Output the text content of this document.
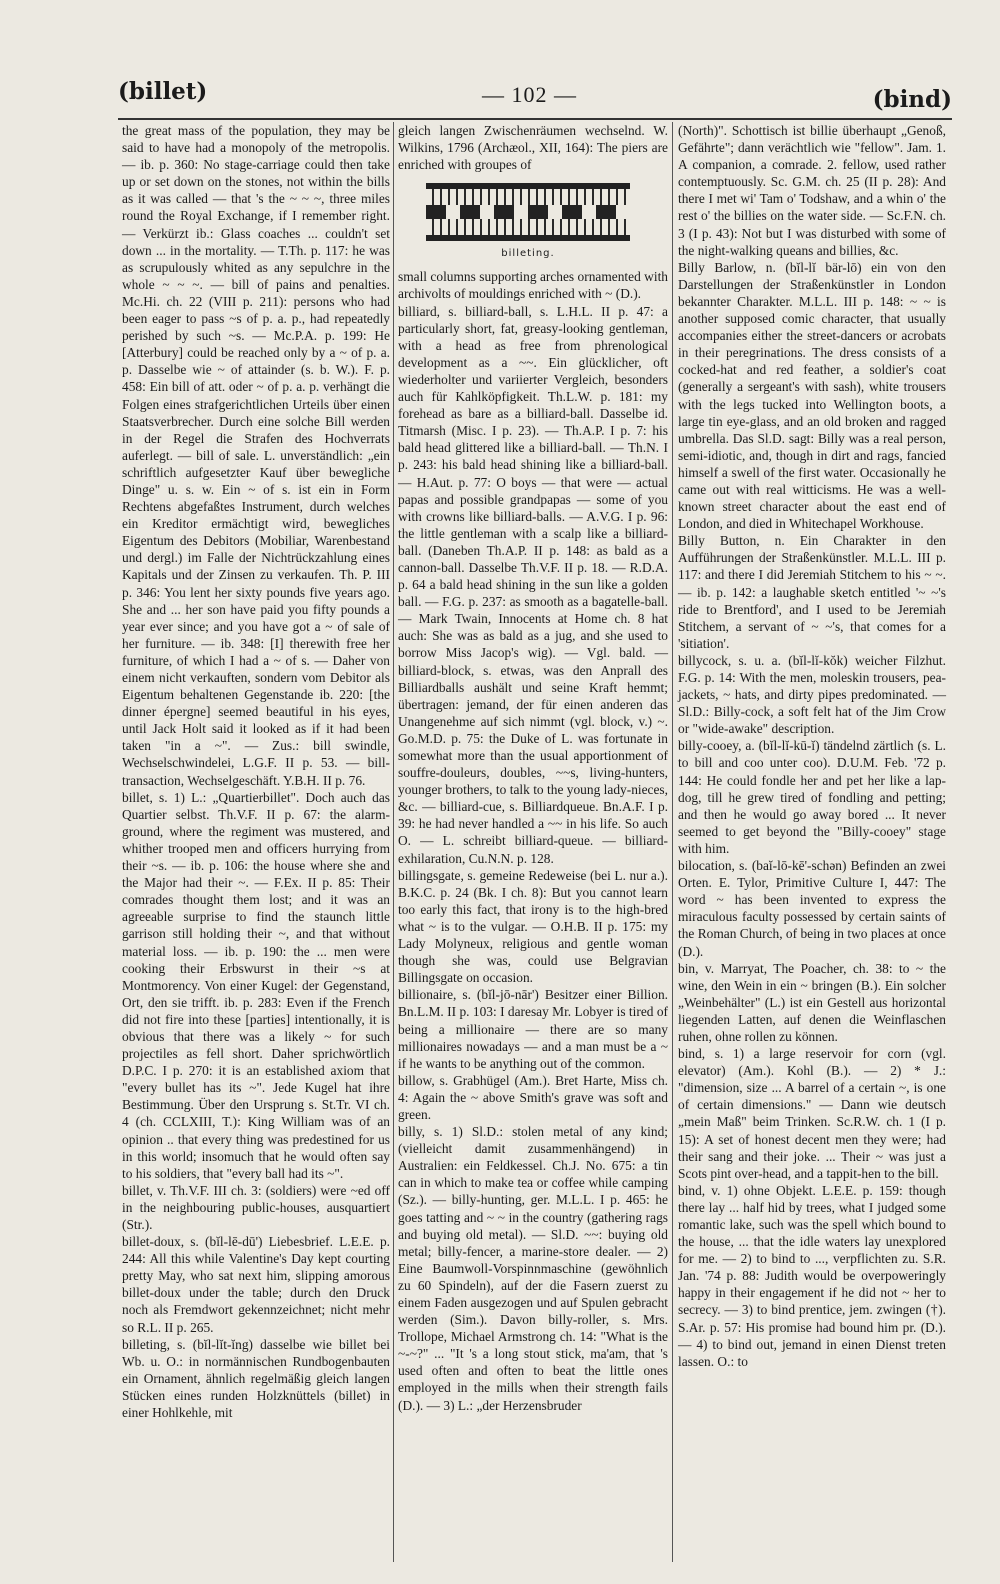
(billet)	— 102 —	(bind)

the great mass of the population, they may be said to have had a monopoly of the metropolis. — ib. p. 360: No stage-carriage could then take up or set down on the stones, not within the bills as it was called — that 's the ~ ~ ~, three miles round the Royal Exchange, if I remember right. — Verkürzt ib.: Glass coaches ... couldn't set down ... in the mortality. — T.Th. p. 117: he was as scrupulously whited as any sepulchre in the whole ~ ~ ~. — bill of pains and penalties. Mc.Hi. ch. 22 (VIII p. 211): persons who had been eager to pass ~s of p. a. p., had repeatedly perished by such ~s. — Mc.P.A. p. 199: He [Atterbury] could be reached only by a ~ of p. a. p. Dasselbe wie ~ of attainder (s. b. W.). F. p. 458: Ein bill of att. oder ~ of p. a. p. verhängt die Folgen eines strafgerichtlichen Urteils über einen Staatsverbrecher. Durch eine solche Bill werden in der Regel die Strafen des Hochverrats auferlegt. — bill of sale. L. unverständlich: „ein schriftlich aufgesetzter Kauf über bewegliche Dinge" u. s. w. Ein ~ of s. ist ein in Form Rechtens abgefaßtes Instrument, durch welches ein Kreditor ermächtigt wird, bewegliches Eigentum des Debitors (Mobiliar, Warenbestand und dergl.) im Falle der Nichtrückzahlung eines Kapitals und der Zinsen zu verkaufen. Th. P. III p. 346: You lent her sixty pounds five years ago. She and ... her son have paid you fifty pounds a year ever since; and you have got a ~ of sale of her furniture. — ib. 348: [I] therewith free her furniture, of which I had a ~ of s. — Daher von einem nicht verkauften, sondern vom Debitor als Eigentum behaltenen Gegenstande ib. 220: [the dinner épergne] seemed beautiful in his eyes, until Jack Holt said it looked as if it had been taken "in a ~". — Zus.: bill swindle, Wechselschwindelei, L.G.F. II p. 53. — bill-transaction, Wechselgeschäft. Y.B.H. II p. 76.

billet, s. 1) L.: „Quartierbillet". Doch auch das Quartier selbst. Th.V.F. II p. 67: the alarm-ground, where the regiment was mustered, and whither trooped men and officers hurrying from their ~s. — ib. p. 106: the house where she and the Major had their ~. — F.Ex. II p. 85: Their comrades thought them lost; and it was an agreeable surprise to find the staunch little garrison still holding their ~, and that without material loss. — ib. p. 190: the ... men were cooking their Erbswurst in their ~s at Montmorency. Von einer Kugel: der Gegenstand, Ort, den sie trifft. ib. p. 283: Even if the French did not fire into these [parties] intentionally, it is obvious that there was a likely ~ for such projectiles as fell short. Daher sprichwörtlich D.P.C. I p. 270: it is an established axiom that "every bullet has its ~". Jede Kugel hat ihre Bestimmung. Über den Ursprung s. St.Tr. VI ch. 4 (ch. CCLXIII, T.): King William was of an opinion .. that every thing was predestined for us in this world; insomuch that he would often say to his soldiers, that "every ball had its ~".

billet, v. Th.V.F. III ch. 3: (soldiers) were ~ed off in the neighbouring public-houses, ausquartiert (Str.).

billet-doux, s. (bĭl-lē-dū') Liebesbrief. L.E.E. p. 244: All this while Valentine's Day kept courting pretty May, who sat next him, slipping amorous billet-doux under the table; durch den Druck noch als Fremdwort gekennzeichnet; nicht mehr so R.L. II p. 265.

billeting, s. (bĭl-lĭt-ĭng) dasselbe wie billet bei Wb. u. O.: in normännischen Rundbogenbauten ein Ornament, ähnlich regelmäßig gleich langen Stücken eines runden Holzknüttels (billet) in einer Hohlkehle, mit

gleich langen Zwischenräumen wechselnd. W. Wilkins, 1796 (Archæol., XII, 164): The piers are enriched with groupes of

billeting.

small columns supporting arches ornamented with archivolts of mouldings enriched with ~ (D.).

billiard, s. billiard-ball, s. L.H.L. II p. 47: a particularly short, fat, greasy-looking gentleman, with a head as free from phrenological development as a ~~. Ein glücklicher, oft wiederholter und variierter Vergleich, besonders auch für Kahlköpfigkeit. Th.L.W. p. 181: my forehead as bare as a billiard-ball. Dasselbe id. Titmarsh (Misc. I p. 23). — Th.A.P. I p. 7: his bald head glittered like a billiard-ball. — Th.N. I p. 243: his bald head shining like a billiard-ball. — H.Aut. p. 77: O boys — that were — actual papas and possible grandpapas — some of you with crowns like billiard-balls. — A.V.G. I p. 96: the little gentleman with a scalp like a billiard-ball. (Daneben Th.A.P. II p. 148: as bald as a cannon-ball. Dasselbe Th.V.F. II p. 18. — R.D.A. p. 64 a bald head shining in the sun like a golden ball. — F.G. p. 237: as smooth as a bagatelle-ball. — Mark Twain, Innocents at Home ch. 8 hat auch: She was as bald as a jug, and she used to borrow Miss Jacop's wig). — Vgl. bald. — billiard-block, s. etwas, was den Anprall des Billiardballs aushält und seine Kraft hemmt; übertragen: jemand, der für einen anderen das Unangenehme auf sich nimmt (vgl. block, v.) ~. Go.M.D. p. 75: the Duke of L. was fortunate in somewhat more than the usual apportionment of souffre-douleurs, doubles, ~~s, living-hunters, younger brothers, to talk to the young lady-nieces, &c. — billiard-cue, s. Billiardqueue. Bn.A.F. I p. 39: he had never handled a ~~ in his life. So auch O. — L. schreibt billiard-queue. — billiard-exhilaration, Cu.N.N. p. 128.

billingsgate, s. gemeine Redeweise (bei L. nur a.). B.K.C. p. 24 (Bk. I ch. 8): But you cannot learn too early this fact, that irony is to the high-bred what ~ is to the vulgar. — O.H.B. II p. 175: my Lady Molyneux, religious and gentle woman though she was, could use Belgravian Billingsgate on occasion.

billionaire, s. (bĭl-jō-nār') Besitzer einer Billion. Bn.L.M. II p. 103: I daresay Mr. Lobyer is tired of being a millionaire — there are so many millionaires nowadays — and a man must be a ~ if he wants to be anything out of the common.

billow, s. Grabhügel (Am.). Bret Harte, Miss ch. 4: Again the ~ above Smith's grave was soft and green.

billy, s. 1) Sl.D.: stolen metal of any kind; (vielleicht damit zusammenhängend) in Australien: ein Feldkessel. Ch.J. No. 675: a tin can in which to make tea or coffee while camping (Sz.). — billy-hunting, ger. M.L.L. I p. 465: he goes tatting and ~ ~ in the country (gathering rags and buying old metal). — Sl.D. ~~: buying old metal; billy-fencer, a marine-store dealer. — 2) Eine Baumwoll-Vorspinnmaschine (gewöhnlich zu 60 Spindeln), auf der die Fasern zuerst zu einem Faden ausgezogen und auf Spulen gebracht werden (Sim.). Davon billy-roller, s. Mrs. Trollope, Michael Armstrong ch. 14: "What is the ~-~?" ... "It 's a long stout stick, ma'am, that 's used often and often to beat the little ones employed in the mills when their strength fails (D.). — 3) L.: „der Herzensbruder

(North)". Schottisch ist billie überhaupt „Genoß, Gefährte"; dann verächtlich wie "fellow". Jam. 1. A companion, a comrade. 2. fellow, used rather contemptuously. Sc. G.M. ch. 25 (II p. 28): And there I met wi' Tam o' Todshaw, and a whin o' the rest o' the billies on the water side. — Sc.F.N. ch. 3 (I p. 43): Not but I was disturbed with some of the night-walking queans and billies, &c.

Billy Barlow, n. (bĭl-lĭ bär-lō) ein von den Darstellungen der Straßenkünstler in London bekannter Charakter. M.L.L. III p. 148: ~ ~ is another supposed comic character, that usually accompanies either the street-dancers or acrobats in their peregrinations. The dress consists of a cocked-hat and red feather, a soldier's coat (generally a sergeant's with sash), white trousers with the legs tucked into Wellington boots, a large tin eye-glass, and an old broken and ragged umbrella. Das Sl.D. sagt: Billy was a real person, semi-idiotic, and, though in dirt and rags, fancied himself a swell of the first water. Occasionally he came out with real witticisms. He was a well-known street character about the east end of London, and died in Whitechapel Workhouse.

Billy Button, n. Ein Charakter in den Aufführungen der Straßenkünstler. M.L.L. III p. 117: and there I did Jeremiah Stitchem to his ~ ~. — ib. p. 142: a laughable sketch entitled '~ ~'s ride to Brentford', and I used to be Jeremiah Stitchem, a servant of ~ ~'s, that comes for a 'sitiation'.

billycock, s. u. a. (bĭl-lĭ-kŏk) weicher Filzhut. F.G. p. 14: With the men, moleskin trousers, pea-jackets, ~ hats, and dirty pipes predominated. — Sl.D.: Billy-cock, a soft felt hat of the Jim Crow or "wide-awake" description.

billy-cooey, a. (bĭl-lĭ-kū-ĭ) tändelnd zärtlich (s. L. to bill and coo unter coo). D.U.M. Feb. '72 p. 144: He could fondle her and pet her like a lap-dog, till he grew tired of fondling and petting; and then he would go away bored ... It never seemed to get beyond the "Billy-cooey" stage with him.

bilocation, s. (baĭ-lō-kē'-schən) Befinden an zwei Orten. E. Tylor, Primitive Culture I, 447: The word ~ has been invented to express the miraculous faculty possessed by certain saints of the Roman Church, of being in two places at once (D.).

bin, v. Marryat, The Poacher, ch. 38: to ~ the wine, den Wein in ein ~ bringen (B.). Ein solcher „Weinbehälter" (L.) ist ein Gestell aus horizontal liegenden Latten, auf denen die Weinflaschen ruhen, ohne rollen zu können.

bind, s. 1) a large reservoir for corn (vgl. elevator) (Am.). Kohl (B.). — 2) * J.: "dimension, size ... A barrel of a certain ~, is one of certain dimensions." — Dann wie deutsch „mein Maß" beim Trinken. Sc.R.W. ch. 1 (I p. 15): A set of honest decent men they were; had their sang and their joke. ... Their ~ was just a Scots pint over-head, and a tappit-hen to the bill.

bind, v. 1) ohne Objekt. L.E.E. p. 159: though there lay ... half hid by trees, what I judged some romantic lake, such was the spell which bound to the house, ... that the idle waters lay unexplored for me. — 2) to bind to ..., verpflichten zu. S.R. Jan. '74 p. 88: Judith would be overpoweringly happy in their engagement if he did not ~ her to secrecy. — 3) to bind prentice, jem. zwingen (†). S.Ar. p. 57: His promise had bound him pr. (D.). — 4) to bind out, jemand in einen Dienst treten lassen. O.: to
